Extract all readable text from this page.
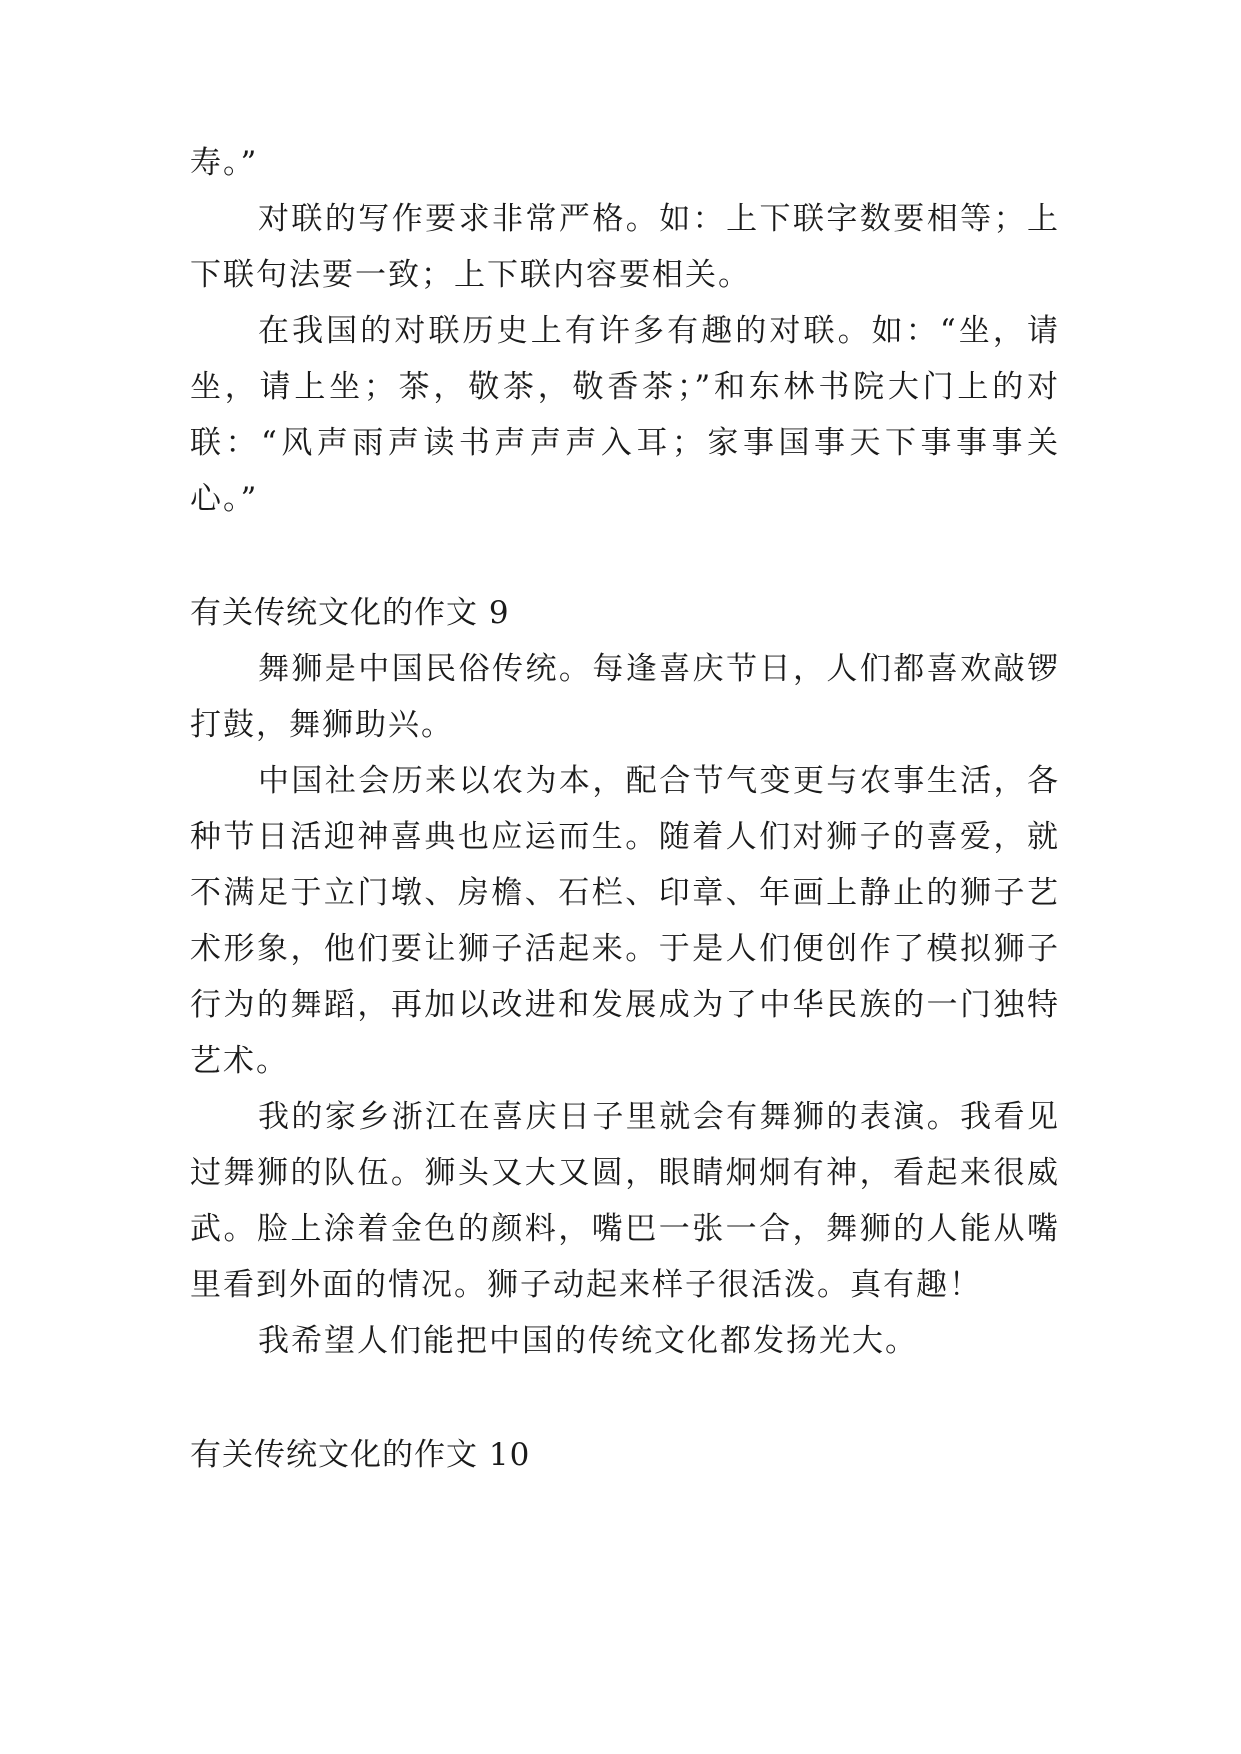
寿。”
对联的写作要求非常严格。如：上下联字数要相等；上
下联句法要一致；上下联内容要相关。
在我国的对联历史上有许多有趣的对联。如：“坐，请
坐，请上坐；茶，敬茶，敬香茶；”和东林书院大门上的对
联：“风声雨声读书声声声入耳；家事国事天下事事事关
心。”
有关传统文化的作文 9
舞狮是中国民俗传统。每逢喜庆节日，人们都喜欢敲锣
打鼓，舞狮助兴。
中国社会历来以农为本，配合节气变更与农事生活，各
种节日活迎神喜典也应运而生。随着人们对狮子的喜爱，就
不满足于立门墩、房檐、石栏、印章、年画上静止的狮子艺
术形象，他们要让狮子活起来。于是人们便创作了模拟狮子
行为的舞蹈，再加以改进和发展成为了中华民族的一门独特
艺术。
我的家乡浙江在喜庆日子里就会有舞狮的表演。我看见
过舞狮的队伍。狮头又大又圆，眼睛炯炯有神，看起来很威
武。脸上涂着金色的颜料，嘴巴一张一合，舞狮的人能从嘴
里看到外面的情况。狮子动起来样子很活泼。真有趣！
我希望人们能把中国的传统文化都发扬光大。
有关传统文化的作文 10
